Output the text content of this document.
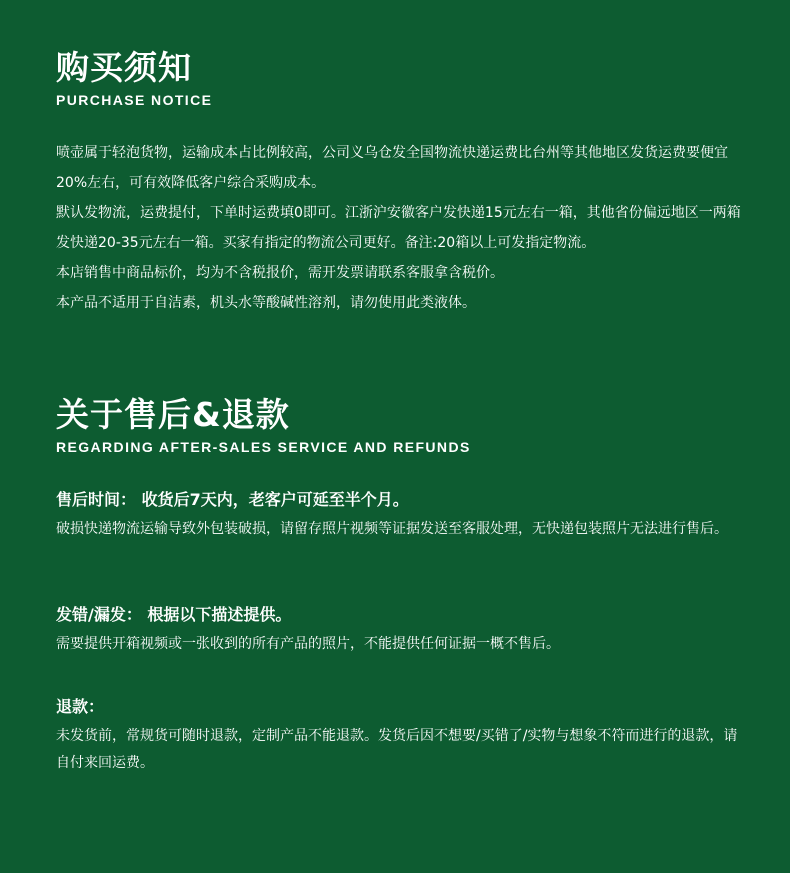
购买须知
PURCHASE NOTICE

喷壶属于轻泡货物，运输成本占比例较高，公司义乌仓发全国物流快递运费比台州等其他地区发货运费要便宜20%左右，可有效降低客户综合采购成本。

默认发物流，运费提付，下单时运费填0即可。江浙沪安徽客户发快递15元左右一箱，其他省份偏远地区一两箱发快递20-35元左右一箱。买家有指定的物流公司更好。备注:20箱以上可发指定物流。

本店销售中商品标价，均为不含税报价，需开发票请联系客服拿含税价。

本产品不适用于自洁素，机头水等酸碱性溶剂，请勿使用此类液体。

关于售后&退款
REGARDING AFTER-SALES SERVICE AND REFUNDS
售后时间： 收货后7天内，老客户可延至半个月。

破损快递物流运输导致外包装破损，请留存照片视频等证据发送至客服处理，无快递包装照片无法进行售后。

发错/漏发： 根据以下描述提供。

需要提供开箱视频或一张收到的所有产品的照片，不能提供任何证据一概不售后。

退款：

未发货前，常规货可随时退款，定制产品不能退款。发货后因不想要/买错了/实物与想象不符而进行的退款，请自付来回运费。
